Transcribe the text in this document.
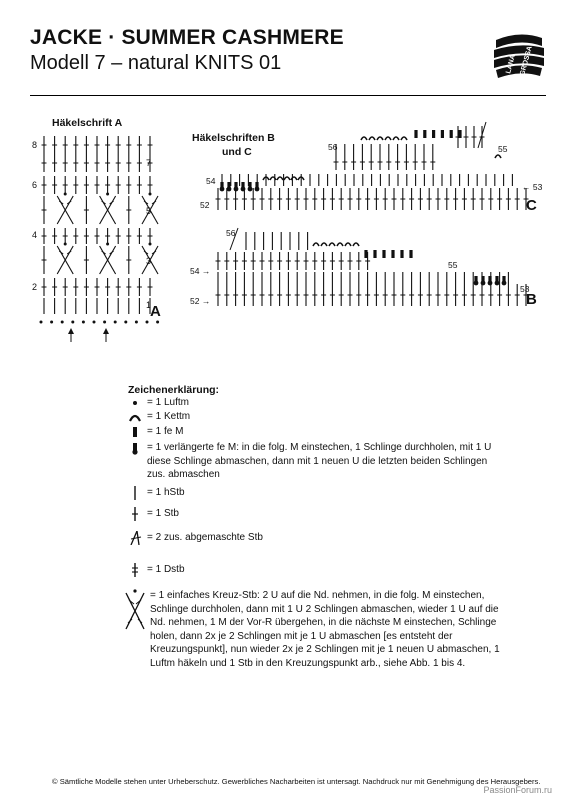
JACKE · SUMMER CASHMERE
Modell 7 – natural KNITS 01	LANA GROSSA
Häkelschrift A
8
6
4
2
7
5
3
1
A
Häkelschriften B
und C	56	55
54
← 53
52	C
56
55
54 →
53
52 →	B
Zeichenerklärung:
= 1 Luftm
= 1 Kettm
= 1 fe M
= 1 verlängerte fe M: in die folg. M einstechen, 1 Schlinge durchholen, mit 1 U diese Schlinge abmaschen, dann mit 1 neuen U die letzten beiden Schlingen zus. abmaschen
= 1 hStb
= 1 Stb
= 2 zus. abgemaschte Stb
= 1 Dstb
= 1 einfaches Kreuz-Stb: 2 U auf die Nd. nehmen, in die folg. M einstechen, Schlinge durchholen, dann mit 1 U 2 Schlingen abmaschen, wieder 1 U auf die Nd. nehmen, 1 M der Vor-R übergehen, in die nächste M einstechen, Schlinge holen, dann 2x je 2 Schlingen mit je 1 U abmaschen [es entsteht der Kreuzungspunkt], nun wieder 2x je 2 Schlingen mit je 1 neuen U abmaschen, 1 Luftm häkeln und 1 Stb in den Kreuzungspunkt arb., siehe Abb. 1 bis 4.
© Sämtliche Modelle stehen unter Urheberschutz. Gewerbliches Nacharbeiten ist untersagt. Nachdruck nur mit Genehmigung des Herausgebers.
PassionForum.ru
